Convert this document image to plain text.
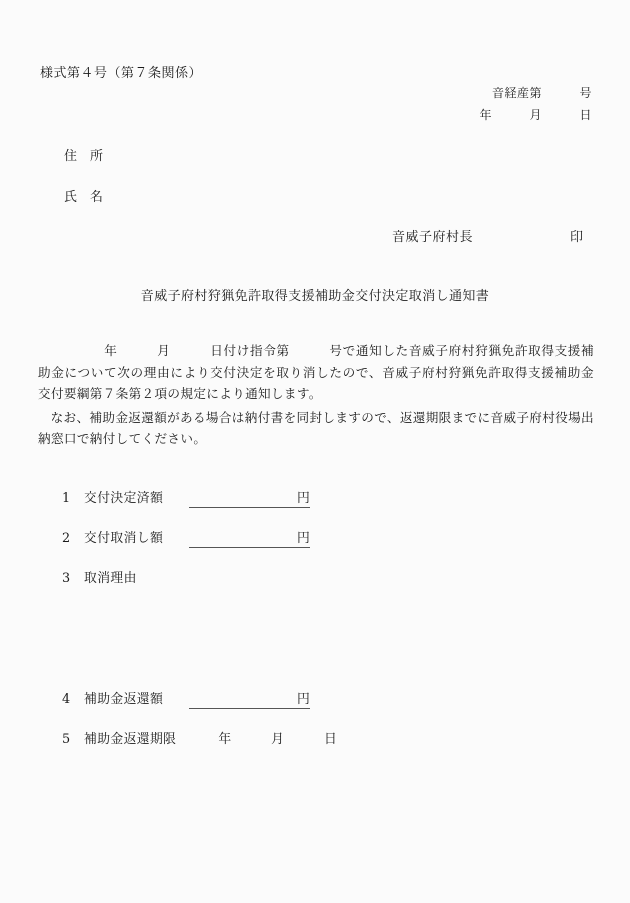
様式第４号（第７条関係）
音経産第　　　号
年　　　月　　　日
住　所
氏　名

音威子府村長

	印

音威子府村狩猟免許取得支援補助金交付決定取消し通知書

年　　　月　　　日付け指令第　　　号で通知した音威子府村狩猟免許取得支援補助金について次の理由により交付決定を取り消したので、音威子府村狩猟免許取得支援補助金交付要綱第７条第２項の規定により通知します。

なお、補助金返還額がある場合は納付書を同封しますので、返還期限までに音威子府村役場出納窓口で納付してください。

1	交付決定済額	円
2	交付取消し額	円
3	取消理由
4	補助金返還額	円
5	補助金返還期限	年　　　月　　　日
